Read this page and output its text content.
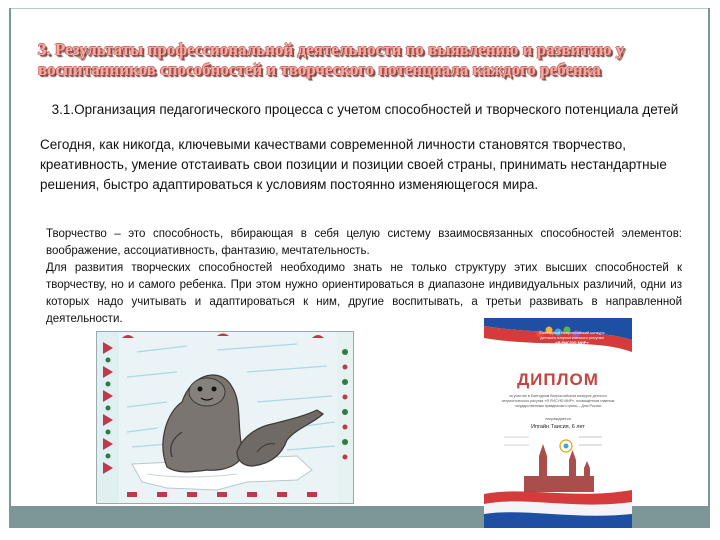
3. Результаты профессиональной деятельности по выявлению и развитию у воспитанников способностей и творческого потенциала каждого ребенка
3.1.Организация педагогического процесса с учетом способностей и творческого потенциала детей
Сегодня, как никогда, ключевыми качествами современной личности становятся творчество, креативность, умение отстаивать свои позиции и позиции своей страны, принимать нестандартные решения, быстро адаптироваться к условиям постоянно изменяющегося мира.

Творчество – это способность, вбирающая в себя целую систему взаимосвязанных способностей элементов: воображение, ассоциативность, фантазию, мечтательность.

Для развития творческих способностей необходимо знать не только структуру этих высших способностей к творчеству, но и самого ребенка. При этом нужно ориентироваться в диапазоне индивидуальных различий, одни из которых надо учитывать и адаптироваться к ним, другие воспитывать, а третьи развивать в направленной деятельности.

Ежегодный Всероссийский конкурс
детского патриотического рисунка
«Я РИСУЮ МИР»
ДИПЛОМ
за участие в Ежегодном Всероссийском конкурсе детского
патриотического рисунка «Я РИСУЮ МИР», посвящённом главным
государственным праздникам страны – Дню России
награждается
Ипгайн Таисия, 6 лет
